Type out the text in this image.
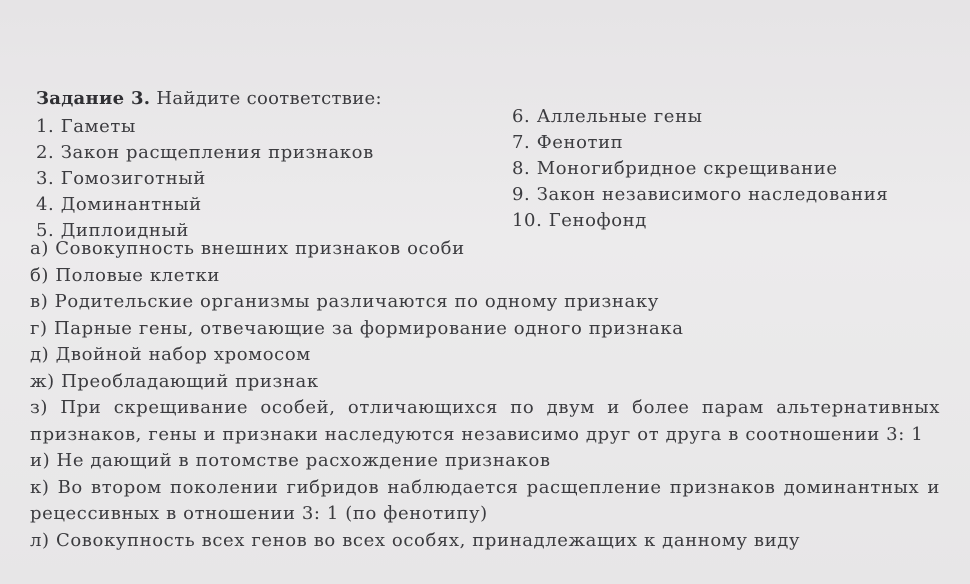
Задание 3. Найдите соответствие:
1. Гаметы
2. Закон расщепления признаков
3. Гомозиготный
4. Доминантный
5. Диплоидный
6. Аллельные гены
7. Фенотип
8. Моногибридное скрещивание
9. Закон независимого наследования
10. Генофонд
а) Совокупность внешних признаков особи
б) Половые клетки
в) Родительские организмы различаются по одному признаку
г) Парные гены, отвечающие за формирование одного признака
д) Двойной набор хромосом
ж) Преобладающий признак
з) При скрещивание особей, отличающихся по двум и более парам альтернативных признаков, гены и признаки наследуются независимо друг от друга в соотношении 3: 1
и) Не дающий в потомстве расхождение признаков
к) Во втором поколении гибридов наблюдается расщепление признаков доминантных и рецессивных в отношении 3: 1 (по фенотипу)
л) Совокупность всех генов во всех особях, принадлежащих к данному виду
